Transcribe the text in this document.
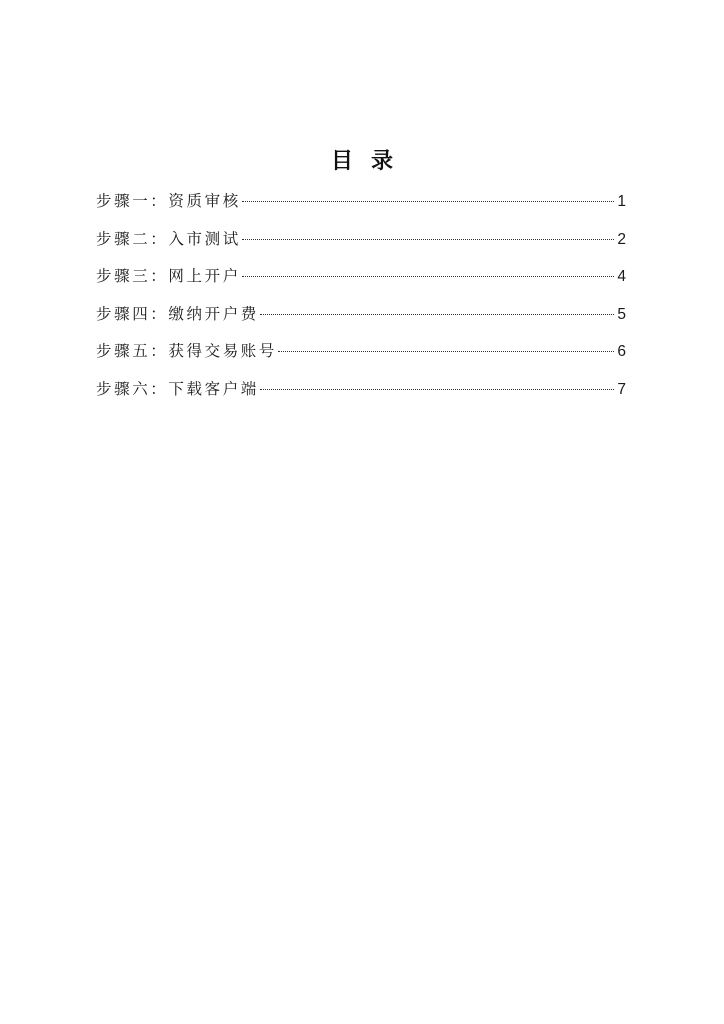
目录
步骤一：资质审核	1
步骤二：入市测试	2
步骤三：网上开户	4
步骤四：缴纳开户费	5
步骤五：获得交易账号	6
步骤六：下载客户端	7
